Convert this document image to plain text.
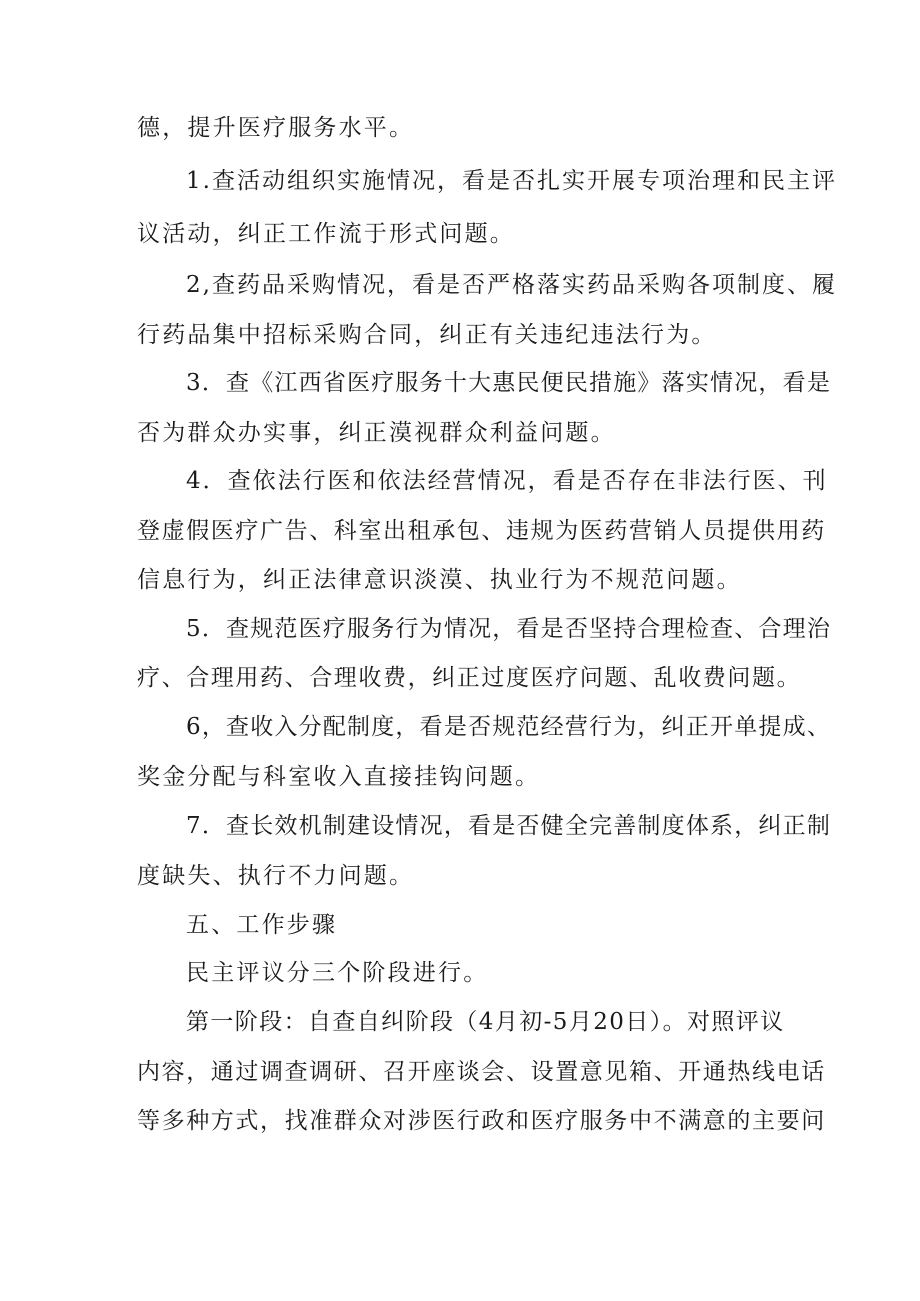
德，提升医疗服务水平。
1.查活动组织实施情况，看是否扎实开展专项治理和民主评
议活动，纠正工作流于形式问题。
2,查药品采购情况，看是否严格落实药品采购各项制度、履
行药品集中招标采购合同，纠正有关违纪违法行为。
3．查《江西省医疗服务十大惠民便民措施》落实情况，看是
否为群众办实事，纠正漠视群众利益问题。
4．查依法行医和依法经营情况，看是否存在非法行医、刊
登虚假医疗广告、科室出租承包、违规为医药营销人员提供用药
信息行为，纠正法律意识淡漠、执业行为不规范问题。
5．查规范医疗服务行为情况，看是否坚持合理检查、合理治
疗、合理用药、合理收费，纠正过度医疗问题、乱收费问题。
6，查收入分配制度，看是否规范经营行为，纠正开单提成、
奖金分配与科室收入直接挂钩问题。
7．查长效机制建设情况，看是否健全完善制度体系，纠正制
度缺失、执行不力问题。
五、工作步骤
民主评议分三个阶段进行。
第一阶段：自查自纠阶段（4月初-5月20日）。对照评议
内容，通过调查调研、召开座谈会、设置意见箱、开通热线电话
等多种方式，找准群众对涉医行政和医疗服务中不满意的主要问
